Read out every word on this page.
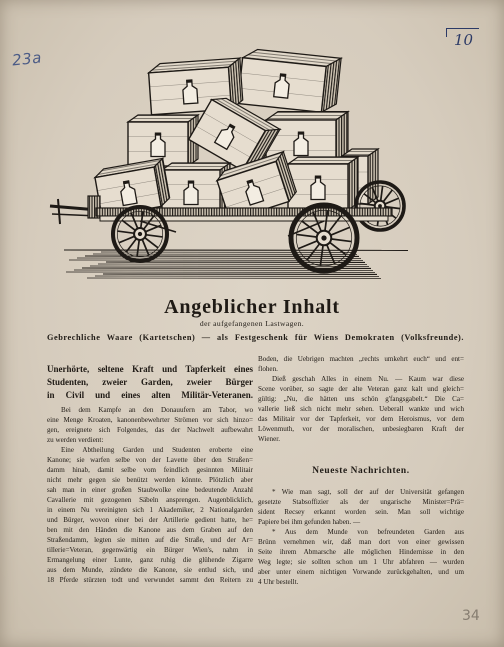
23a
10
34
Angeblicher Inhalt
der aufgefangenen Lastwagen.
Gebrechliche Waare (Kartetschen) — als Festgeschenk für Wiens Demokraten (Volksfreunde).
Unerhörte, seltene Kraft und Tapferkeit eines
Studenten, zweier Garden, zweier Bürger
in Civil und eines alten Militär-Veteranen.
Bei dem Kampfe an den Donauufern am Tabor, wo
eine Menge Kroaten, kanonenbewehrter Strömen vor sich hinzo=
gen, ereignete sich Folgendes, das der Nachwelt aufbewahrt
zu werden verdient:
Eine Abtheilung Garden und Studenten eroberte eine
Kanone; sie warfen selbe von der Lavette über den Straßen=
damm hinab, damit selbe vom feindlich gesinnten Militair
nicht mehr gegen sie benützt werden könnte. Plötzlich aber
sah man in einer großen Staubwolke eine bedeutende Anzahl
Cavallerie mit gezogenen Säbeln ansprengen. Augenblicklich,
in einem Nu vereinigten sich 1 Akademiker, 2 Nationalgarden
und Bürger, wovon einer bei der Artillerie gedient hatte, he=
ben mit den Händen die Kanone aus dem Graben auf den
Straßendamm, legten sie mitten auf die Straße, und der Ar=
tillerie=Veteran, gegenwärtig ein Bürger Wien's, nahm in
Ermangelung einer Lunte, ganz ruhig die glühende Zigarre
aus dem Munde, zündete die Kanone, sie entlud sich, und
18 Pferde stürzten todt und verwundet sammt den Reitern zu
Boden, die Uebrigen machten „rechts umkehrt euch“ und ent=
flohen.
Dieß geschah Alles in einem Nu. — Kaum war diese
Scene vorüber, so sagte der alte Veteran ganz kalt und gleich=
gültig: „Nu, die hätten uns schön g'fangsgabelt.“ Die Ca=
vallerie ließ sich nicht mehr sehen. Ueberall wankte und wich
das Militair vor der Tapferkeit, vor dem Heroismus, vor dem
Löwenmuth, vor der moralischen, unbesiegbaren Kraft der
Wiener.
Neueste Nachrichten.
* Wie man sagt, soll der auf der Universität gefangen
gesetzte Stabsoffizier als der ungarische Minister=Prä=
sident Recsey erkannt worden sein. Man soll wichtige
Papiere bei ihm gefunden haben. —
* Aus dem Munde von befreundeten Garden aus
Brünn vernehmen wir, daß man dort von einer gewissen
Seite ihrem Abmarsche alle möglichen Hindernisse in den
Weg legte; sie sollten schon um 1 Uhr abfahren — wurden
aber unter einem nichtigen Vorwande zurückgehalten, und um
4 Uhr bestellt.
